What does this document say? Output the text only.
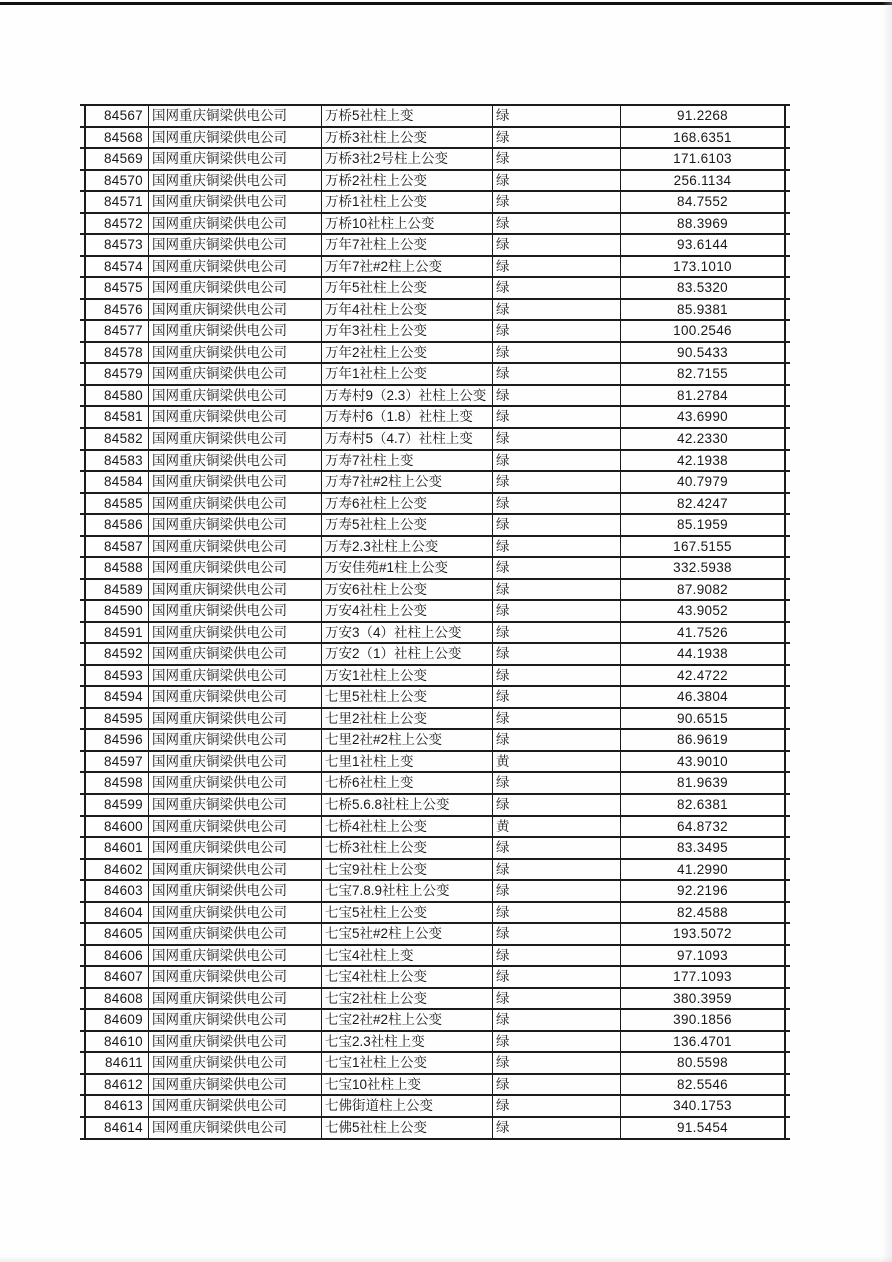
84567 国网重庆铜梁供电公司	万桥5社柱上变	绿	91.2268
84568 国网重庆铜梁供电公司	万桥3社柱上公变	绿	168.6351
84569 国网重庆铜梁供电公司	万桥3社2号柱上公变	绿	171.6103
84570 国网重庆铜梁供电公司	万桥2社柱上公变	绿	256.1134
84571 国网重庆铜梁供电公司	万桥1社柱上公变	绿	84.7552
84572 国网重庆铜梁供电公司	万桥10社柱上公变	绿	88.3969
84573 国网重庆铜梁供电公司	万年7社柱上公变	绿	93.6144
84574 国网重庆铜梁供电公司	万年7社#2柱上公变	绿	173.1010
84575 国网重庆铜梁供电公司	万年5社柱上公变	绿	83.5320
84576 国网重庆铜梁供电公司	万年4社柱上公变	绿	85.9381
84577 国网重庆铜梁供电公司	万年3社柱上公变	绿	100.2546
84578 国网重庆铜梁供电公司	万年2社柱上公变	绿	90.5433
84579 国网重庆铜梁供电公司	万年1社柱上公变	绿	82.7155
84580 国网重庆铜梁供电公司	万寿村9（2.3）社柱上公变 绿	81.2784
84581 国网重庆铜梁供电公司	万寿村6（1.8）社柱上变	绿	43.6990
84582 国网重庆铜梁供电公司	万寿村5（4.7）社柱上变	绿	42.2330
84583 国网重庆铜梁供电公司	万寿7社柱上变	绿	42.1938
84584 国网重庆铜梁供电公司	万寿7社#2柱上公变	绿	40.7979
84585 国网重庆铜梁供电公司	万寿6社柱上公变	绿	82.4247
84586 国网重庆铜梁供电公司	万寿5社柱上公变	绿	85.1959
84587 国网重庆铜梁供电公司	万寿2.3社柱上公变	绿	167.5155
84588 国网重庆铜梁供电公司	万安佳苑#1柱上公变	绿	332.5938
84589 国网重庆铜梁供电公司	万安6社柱上公变	绿	87.9082
84590 国网重庆铜梁供电公司	万安4社柱上公变	绿	43.9052
84591 国网重庆铜梁供电公司	万安3（4）社柱上公变	绿	41.7526
84592 国网重庆铜梁供电公司	万安2（1）社柱上公变	绿	44.1938
84593 国网重庆铜梁供电公司	万安1社柱上公变	绿	42.4722
84594 国网重庆铜梁供电公司	七里5社柱上公变	绿	46.3804
84595 国网重庆铜梁供电公司	七里2社柱上公变	绿	90.6515
84596 国网重庆铜梁供电公司	七里2社#2柱上公变	绿	86.9619
84597 国网重庆铜梁供电公司	七里1社柱上变	黄	43.9010
84598 国网重庆铜梁供电公司	七桥6社柱上变	绿	81.9639
84599 国网重庆铜梁供电公司	七桥5.6.8社柱上公变	绿	82.6381
84600 国网重庆铜梁供电公司	七桥4社柱上公变	黄	64.8732
84601 国网重庆铜梁供电公司	七桥3社柱上公变	绿	83.3495
84602 国网重庆铜梁供电公司	七宝9社柱上公变	绿	41.2990
84603 国网重庆铜梁供电公司	七宝7.8.9社柱上公变	绿	92.2196
84604 国网重庆铜梁供电公司	七宝5社柱上公变	绿	82.4588
84605 国网重庆铜梁供电公司	七宝5社#2柱上公变	绿	193.5072
84606 国网重庆铜梁供电公司	七宝4社柱上变	绿	97.1093
84607 国网重庆铜梁供电公司	七宝4社柱上公变	绿	177.1093
84608 国网重庆铜梁供电公司	七宝2社柱上公变	绿	380.3959
84609 国网重庆铜梁供电公司	七宝2社#2柱上公变	绿	390.1856
84610 国网重庆铜梁供电公司	七宝2.3社柱上变	绿	136.4701
84611 国网重庆铜梁供电公司	七宝1社柱上公变	绿	80.5598
84612 国网重庆铜梁供电公司	七宝10社柱上变	绿	82.5546
84613 国网重庆铜梁供电公司	七佛街道柱上公变	绿	340.1753
84614 国网重庆铜梁供电公司	七佛5社柱上公变	绿	91.5454
